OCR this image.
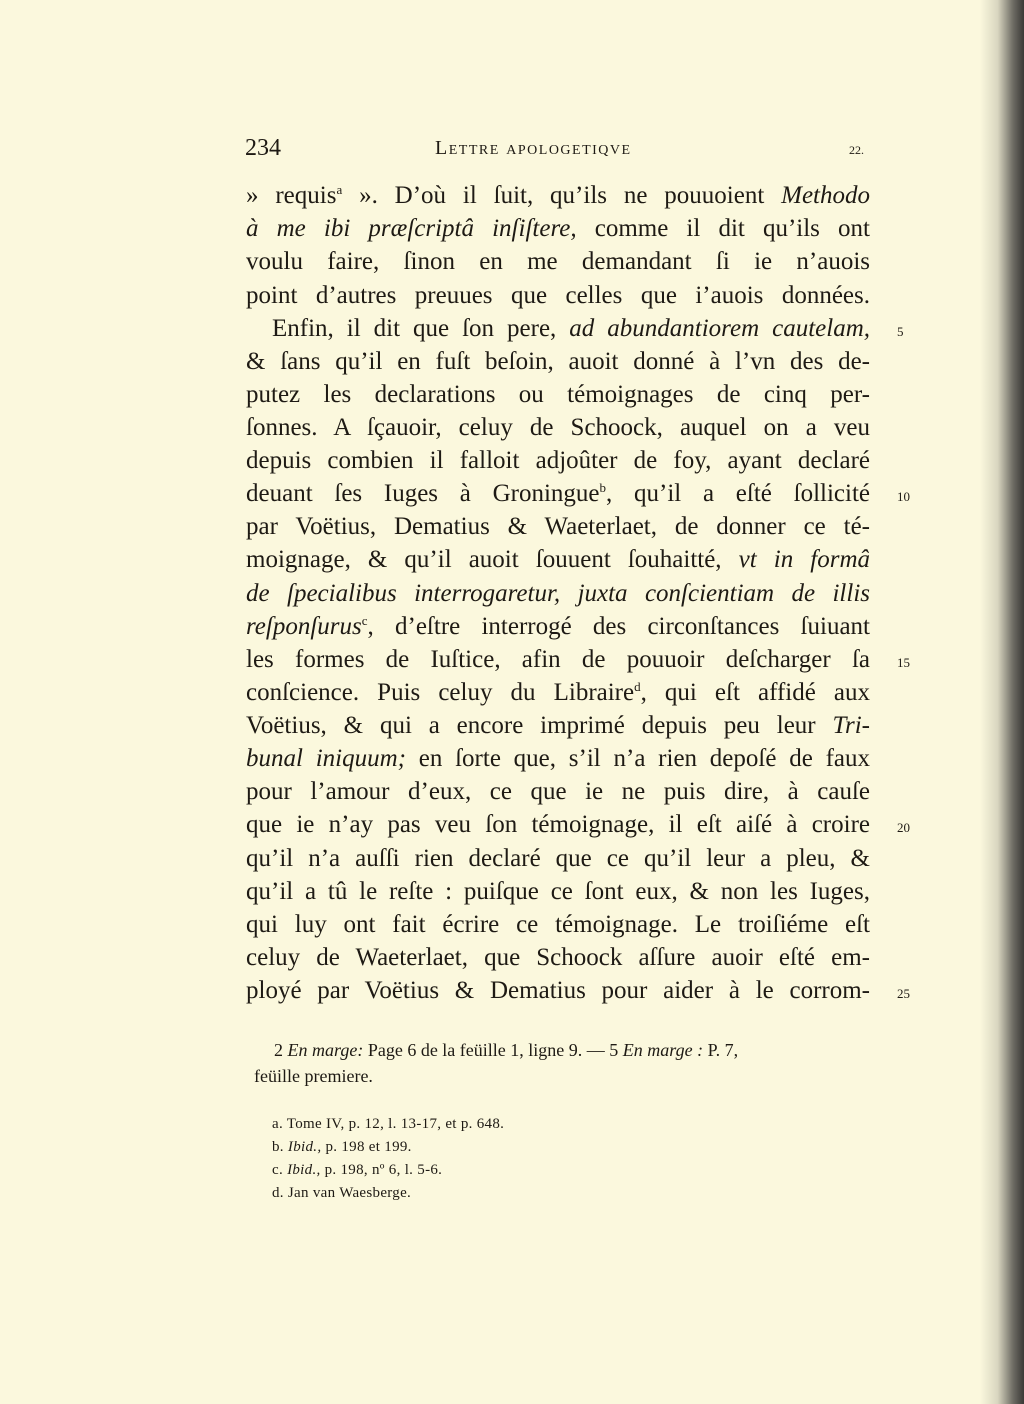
234	Lettre apologetiqve	22.
» requis$^a$ ». D’où il ſuit, qu’ils ne pouuoient Methodo
à me ibi præſcriptâ inſiſtere, comme il dit qu’ils ont
voulu faire, ſinon en me demandant ſi ie n’auois
point d’autres preuues que celles que i’auois données.
Enfin, il dit que ſon pere, ad abundantiorem cautelam,
& ſans qu’il en fuſt beſoin, auoit donné à l’vn des de-
putez les declarations ou témoignages de cinq per-
ſonnes. A ſçauoir, celuy de Schoock, auquel on a veu
depuis combien il falloit adjoûter de foy, ayant declaré
deuant ſes Iuges à Groningue$^b$, qu’il a eſté ſollicité
par Voëtius, Dematius & Waeterlaet, de donner ce té-
moignage, & qu’il auoit ſouuent ſouhaitté, vt in formâ
de ſpecialibus interrogaretur, juxta conſcientiam de illis
reſponſurus$^c$, d’eſtre interrogé des circonſtances ſuiuant
les formes de Iuſtice, afin de pouuoir deſcharger ſa
conſcience. Puis celuy du Libraire$^d$, qui eſt affidé aux
Voëtius, & qui a encore imprimé depuis peu leur Tri-
bunal iniquum; en ſorte que, s’il n’a rien depoſé de faux
pour l’amour d’eux, ce que ie ne puis dire, à cauſe
que ie n’ay pas veu ſon témoignage, il eſt aiſé à croire
qu’il n’a auſſi rien declaré que ce qu’il leur a pleu, &
qu’il a tû le reſte : puiſque ce ſont eux, & non les Iuges,
qui luy ont fait écrire ce témoignage. Le troiſiéme eſt
celuy de Waeterlaet, que Schoock aſſure auoir eſté em-
ployé par Voëtius & Dematius pour aider à le corrom-
5
10
15
20
25
2 En marge: Page 6 de la feüille 1, ligne 9. — 5 En marge : P. 7,
feüille premiere.
a. Tome IV, p. 12, l. 13-17, et p. 648.
b. Ibid., p. 198 et 199.
c. Ibid., p. 198, nº 6, l. 5-6.
d. Jan van Waesberge.
